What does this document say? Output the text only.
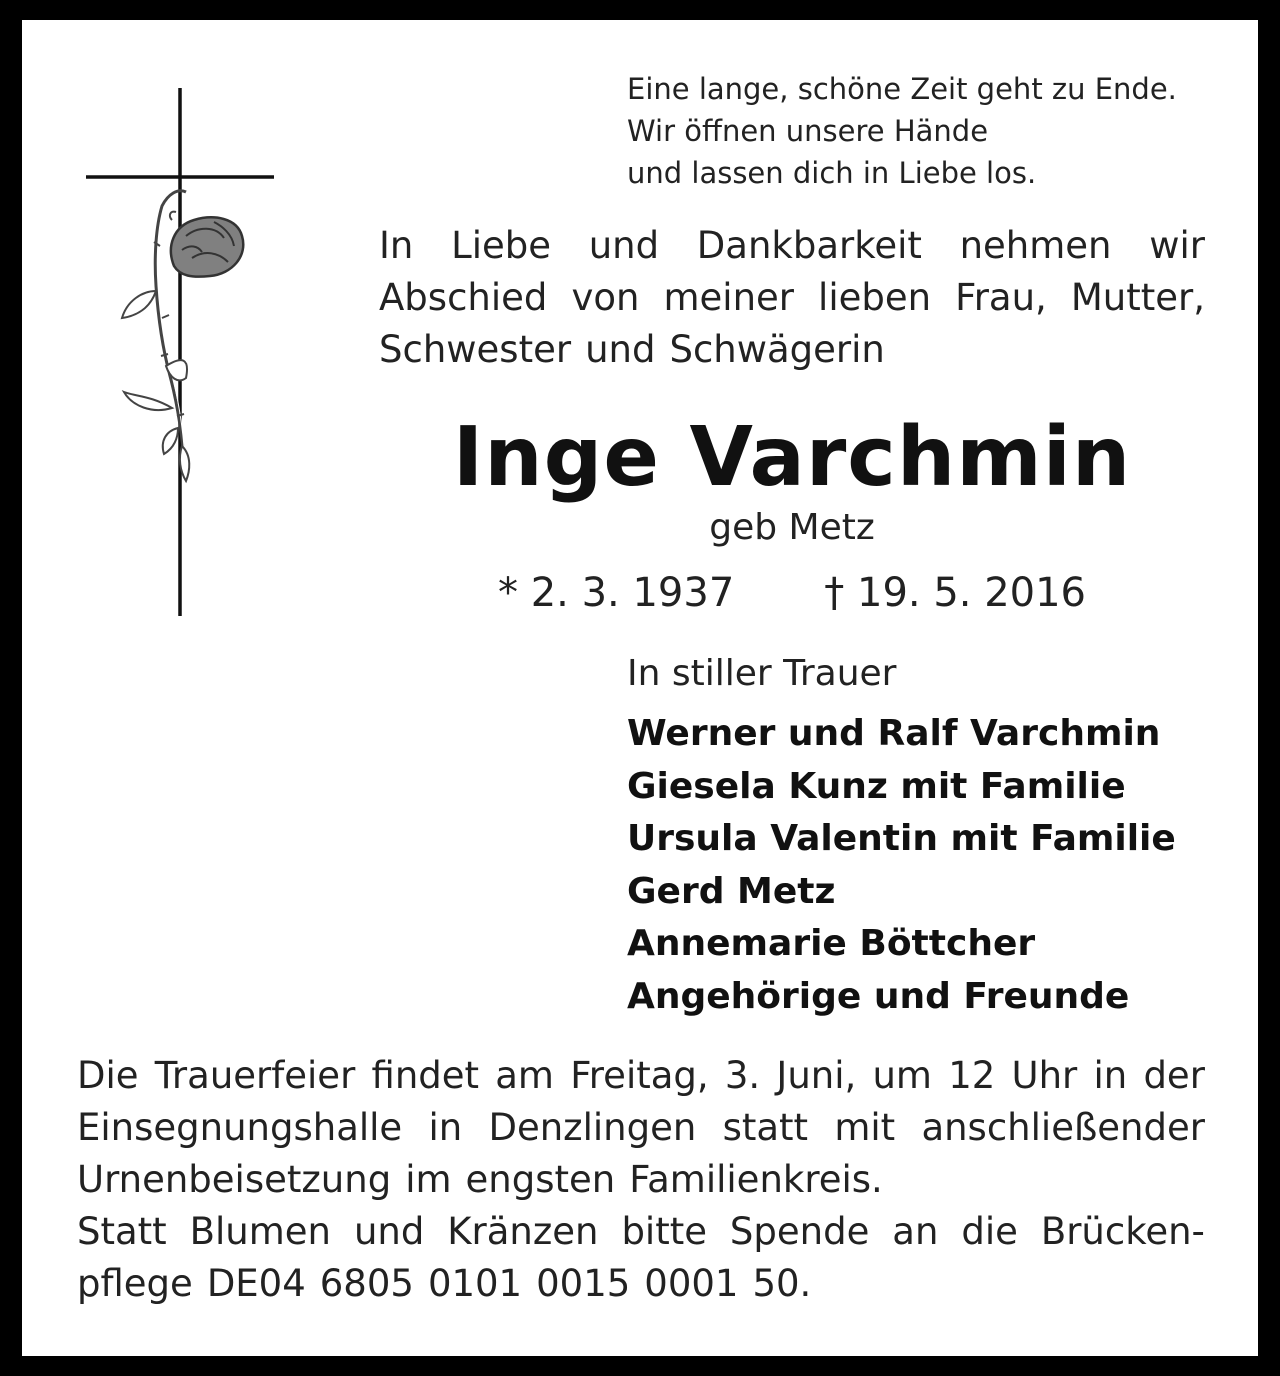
Eine lange, schöne Zeit geht zu Ende.
Wir öffnen unsere Hände
und lassen dich in Liebe los.
In Liebe und Dankbarkeit nehmen wir
Abschied von meiner lieben Frau, Mutter,
Schwester und Schwägerin
Inge Varchmin
geb Metz
* 2. 3. 1937 † 19. 5. 2016
In stiller Trauer
Werner und Ralf Varchmin
Giesela Kunz mit Familie
Ursula Valentin mit Familie
Gerd Metz
Annemarie Böttcher
Angehörige und Freunde
Die Trauerfeier findet am Freitag, 3. Juni, um 12 Uhr in der
Einsegnungshalle in Denzlingen statt mit anschließender
Urnenbeisetzung im engsten Familienkreis.
Statt Blumen und Kränzen bitte Spende an die Brücken-
pflege DE04 6805 0101 0015 0001 50.
